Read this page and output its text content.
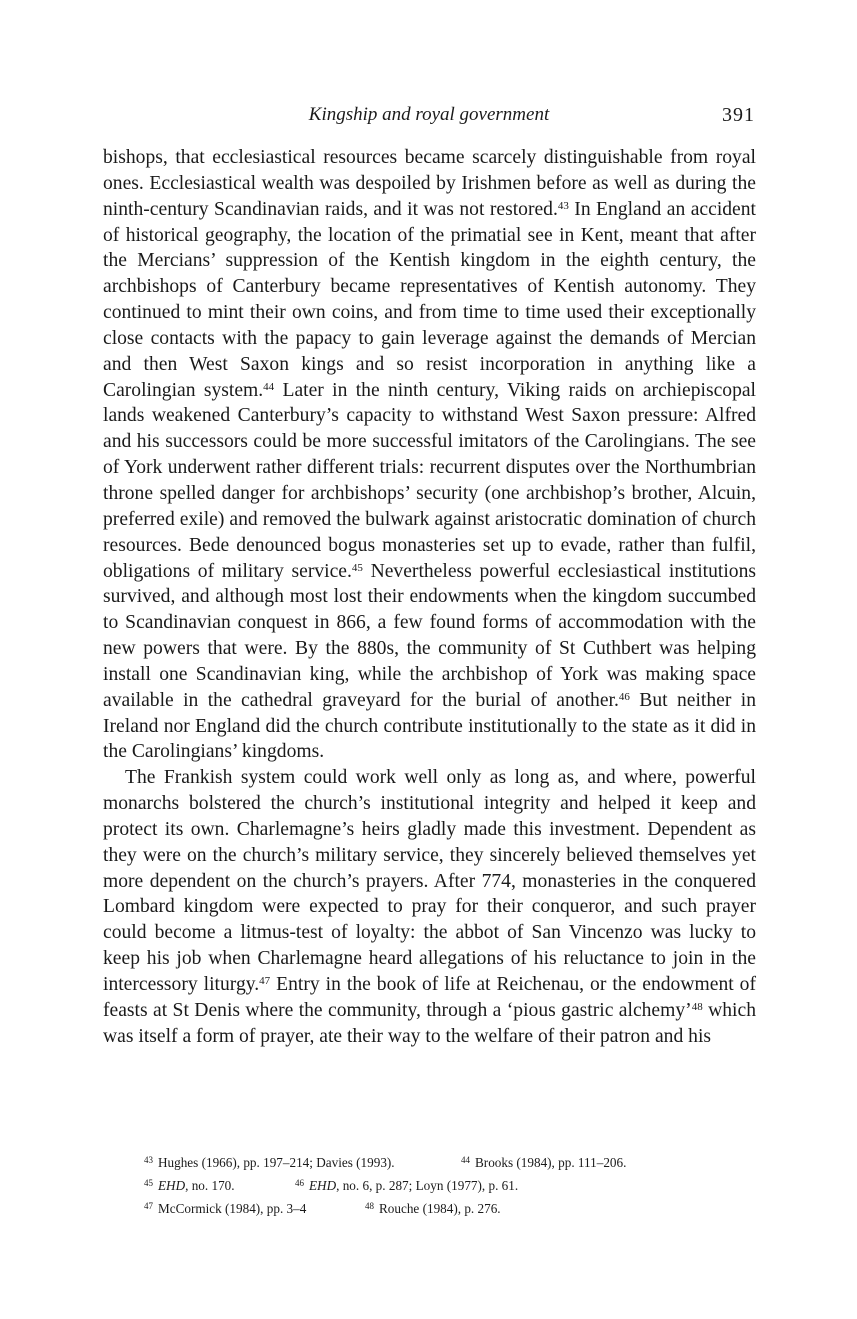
Kingship and royal government	391

bishops, that ecclesiastical resources became scarcely distinguishable from royal ones. Ecclesiastical wealth was despoiled by Irishmen before as well as during the ninth-century Scandinavian raids, and it was not restored.$^{43}$ In England an accident of historical geography, the location of the primatial see in Kent, meant that after the Mercians’ suppression of the Kentish kingdom in the eighth century, the archbishops of Canterbury became representatives of Kentish autonomy. They continued to mint their own coins, and from time to time used their exceptionally close contacts with the papacy to gain leverage against the demands of Mercian and then West Saxon kings and so resist incorporation in anything like a Carolingian system.$^{44}$ Later in the ninth century, Viking raids on archiepiscopal lands weakened Canterbury’s capacity to withstand West Saxon pressure: Alfred and his successors could be more successful imitators of the Carolingians. The see of York underwent rather different trials: recurrent disputes over the Northumbrian throne spelled danger for archbishops’ security (one archbishop’s brother, Alcuin, preferred exile) and removed the bulwark against aristocratic domination of church resources. Bede denounced bogus monasteries set up to evade, rather than fulfil, obligations of military service.$^{45}$ Nevertheless powerful ecclesiastical institutions survived, and although most lost their endowments when the kingdom succumbed to Scandinavian conquest in 866, a few found forms of accommodation with the new powers that were. By the 880s, the community of St Cuthbert was helping install one Scandinavian king, while the archbishop of York was making space available in the cathedral graveyard for the burial of another.$^{46}$ But neither in Ireland nor England did the church contribute institutionally to the state as it did in the Carolingians’ kingdoms.

The Frankish system could work well only as long as, and where, powerful monarchs bolstered the church’s institutional integrity and helped it keep and protect its own. Charlemagne’s heirs gladly made this investment. Dependent as they were on the church’s military service, they sincerely believed themselves yet more dependent on the church’s prayers. After 774, monasteries in the conquered Lombard kingdom were expected to pray for their conqueror, and such prayer could become a litmus-test of loyalty: the abbot of San Vincenzo was lucky to keep his job when Charlemagne heard allegations of his reluctance to join in the intercessory liturgy.$^{47}$ Entry in the book of life at Reichenau, or the endowment of feasts at St Denis where the community, through a ‘pious gastric alchemy’$^{48}$ which was itself a form of prayer, ate their way to the welfare of their patron and his

$^{43}$ Hughes (1966), pp. 197–214; Davies (1993).	$^{44}$ Brooks (1984), pp. 111–206.
$^{45}$ EHD, no. 170.	$^{46}$ EHD, no. 6, p. 287; Loyn (1977), p. 61.
$^{47}$ McCormick (1984), pp. 3–4	$^{48}$ Rouche (1984), p. 276.
